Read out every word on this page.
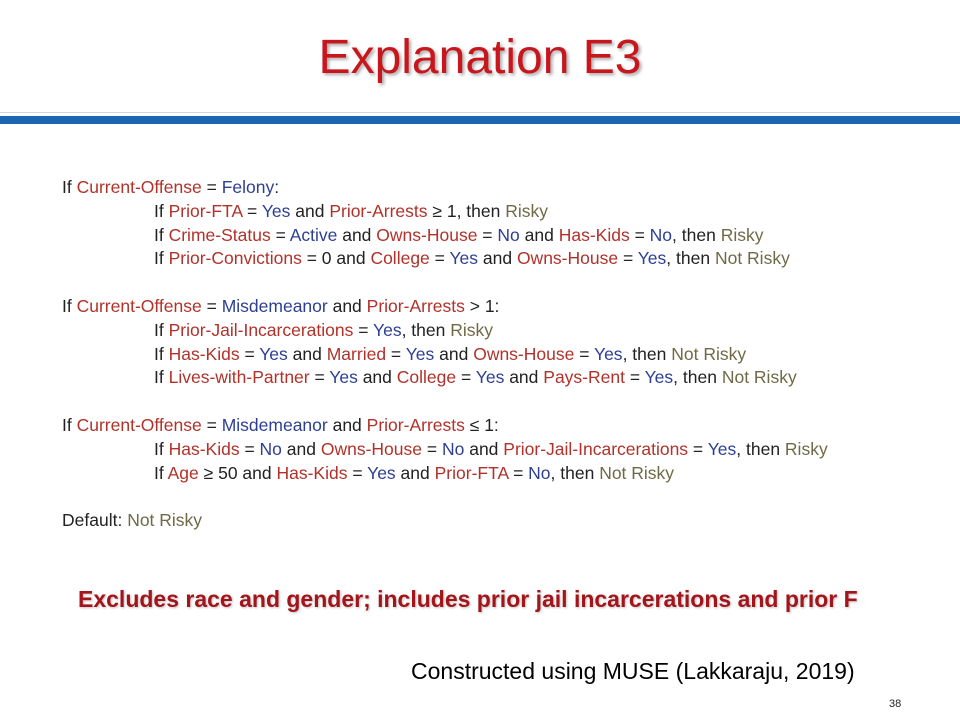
Explanation E3
If Current-Offense = Felony:
If Prior-FTA = Yes and Prior-Arrests ≥ 1, then Risky
If Crime-Status = Active and Owns-House = No and Has-Kids = No, then Risky
If Prior-Convictions = 0 and College = Yes and Owns-House = Yes, then Not Risky
If Current-Offense = Misdemeanor and Prior-Arrests > 1:
If Prior-Jail-Incarcerations = Yes, then Risky
If Has-Kids = Yes and Married = Yes and Owns-House = Yes, then Not Risky
If Lives-with-Partner = Yes and College = Yes and Pays-Rent = Yes, then Not Risky
If Current-Offense = Misdemeanor and Prior-Arrests ≤ 1:
If Has-Kids = No and Owns-House = No and Prior-Jail-Incarcerations = Yes, then Risky
If Age ≥ 50 and Has-Kids = Yes and Prior-FTA = No, then Not Risky
Default: Not Risky
Excludes race and gender; includes prior jail incarcerations and prior F
Constructed using MUSE (Lakkaraju, 2019)
38
